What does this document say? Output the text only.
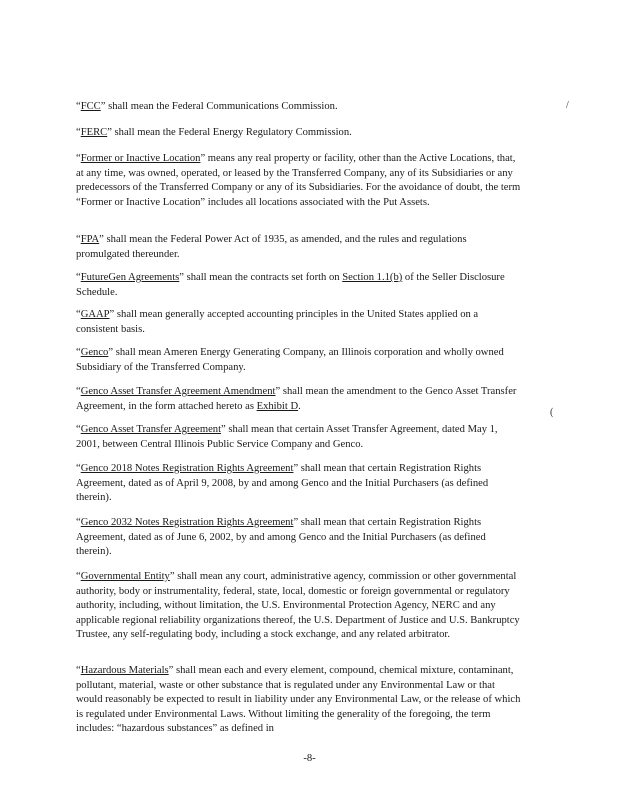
“FCC” shall mean the Federal Communications Commission.

“FERC” shall mean the Federal Energy Regulatory Commission.

“Former or Inactive Location” means any real property or facility, other than the Active Locations, that, at any time, was owned, operated, or leased by the Transferred Company, any of its Subsidiaries or any predecessors of the Transferred Company or any of its Subsidiaries. For the avoidance of doubt, the term “Former or Inactive Location” includes all locations associated with the Put Assets.

“FPA” shall mean the Federal Power Act of 1935, as amended, and the rules and regulations promulgated thereunder.

“FutureGen Agreements” shall mean the contracts set forth on Section 1.1(b) of the Seller Disclosure Schedule.

“GAAP” shall mean generally accepted accounting principles in the United States applied on a consistent basis.

“Genco” shall mean Ameren Energy Generating Company, an Illinois corporation and wholly owned Subsidiary of the Transferred Company.

“Genco Asset Transfer Agreement Amendment” shall mean the amendment to the Genco Asset Transfer Agreement, in the form attached hereto as Exhibit D.

“Genco Asset Transfer Agreement” shall mean that certain Asset Transfer Agreement, dated May 1, 2001, between Central Illinois Public Service Company and Genco.

“Genco 2018 Notes Registration Rights Agreement” shall mean that certain Registration Rights Agreement, dated as of April 9, 2008, by and among Genco and the Initial Purchasers (as defined therein).

“Genco 2032 Notes Registration Rights Agreement” shall mean that certain Registration Rights Agreement, dated as of June 6, 2002, by and among Genco and the Initial Purchasers (as defined therein).

“Governmental Entity” shall mean any court, administrative agency, commission or other governmental authority, body or instrumentality, federal, state, local, domestic or foreign governmental or regulatory authority, including, without limitation, the U.S. Environmental Protection Agency, NERC and any applicable regional reliability organizations thereof, the U.S. Department of Justice and U.S. Bankruptcy Trustee, any self-regulating body, including a stock exchange, and any related arbitrator.

“Hazardous Materials” shall mean each and every element, compound, chemical mixture, contaminant, pollutant, material, waste or other substance that is regulated under any Environmental Law or that would reasonably be expected to result in liability under any Environmental Law, or the release of which is regulated under Environmental Laws. Without limiting the generality of the foregoing, the term includes: “hazardous substances” as defined in

/
(
-8-
